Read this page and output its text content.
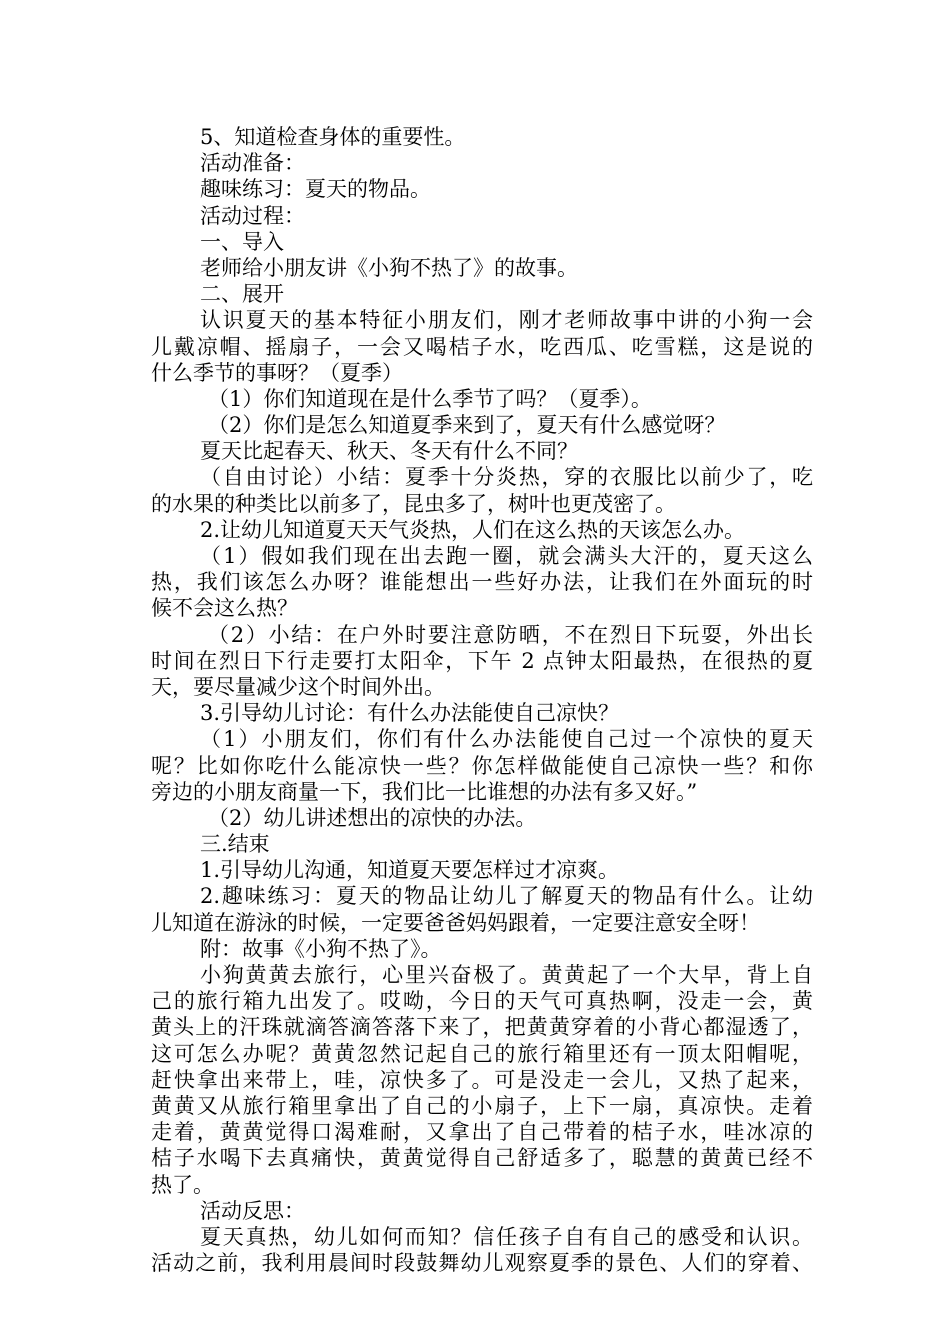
5、知道检查身体的重要性。
活动准备：
趣味练习：夏天的物品。
活动过程：
一、导入
老师给小朋友讲《小狗不热了》的故事。
二、展开
认识夏天的基本特征小朋友们，刚才老师故事中讲的小狗一会
儿戴凉帽、摇扇子，一会又喝桔子水，吃西瓜、吃雪糕，这是说的
什么季节的事呀？（夏季）
（1）你们知道现在是什么季节了吗？（夏季）。
（2）你们是怎么知道夏季来到了，夏天有什么感觉呀？
夏天比起春天、秋天、冬天有什么不同？
（自由讨论）小结：夏季十分炎热，穿的衣服比以前少了，吃
的水果的种类比以前多了，昆虫多了，树叶也更茂密了。
2.让幼儿知道夏天天气炎热，人们在这么热的天该怎么办。
（1）假如我们现在出去跑一圈，就会满头大汗的，夏天这么
热，我们该怎么办呀？谁能想出一些好办法，让我们在外面玩的时
候不会这么热？
（2）小结：在户外时要注意防晒，不在烈日下玩耍，外出长
时间在烈日下行走要打太阳伞，下午 2 点钟太阳最热，在很热的夏
天，要尽量减少这个时间外出。
3.引导幼儿讨论：有什么办法能使自己凉快？
（1）小朋友们，你们有什么办法能使自己过一个凉快的夏天
呢？比如你吃什么能凉快一些？你怎样做能使自己凉快一些？和你
旁边的小朋友商量一下，我们比一比谁想的办法有多又好。”
（2）幼儿讲述想出的凉快的办法。
三.结束
1.引导幼儿沟通，知道夏天要怎样过才凉爽。
2.趣味练习：夏天的物品让幼儿了解夏天的物品有什么。让幼
儿知道在游泳的时候，一定要爸爸妈妈跟着，一定要注意安全呀！
附：故事《小狗不热了》。
小狗黄黄去旅行，心里兴奋极了。黄黄起了一个大早，背上自
己的旅行箱九出发了。哎呦，今日的天气可真热啊，没走一会，黄
黄头上的汗珠就滴答滴答落下来了，把黄黄穿着的小背心都湿透了，
这可怎么办呢？黄黄忽然记起自己的旅行箱里还有一顶太阳帽呢，
赶快拿出来带上，哇，凉快多了。可是没走一会儿，又热了起来，
黄黄又从旅行箱里拿出了自己的小扇子，上下一扇，真凉快。走着
走着，黄黄觉得口渴难耐，又拿出了自己带着的桔子水，哇冰凉的
桔子水喝下去真痛快，黄黄觉得自己舒适多了，聪慧的黄黄已经不
热了。
活动反思：
夏天真热，幼儿如何而知？信任孩子自有自己的感受和认识。
活动之前，我利用晨间时段鼓舞幼儿观察夏季的景色、人们的穿着、
